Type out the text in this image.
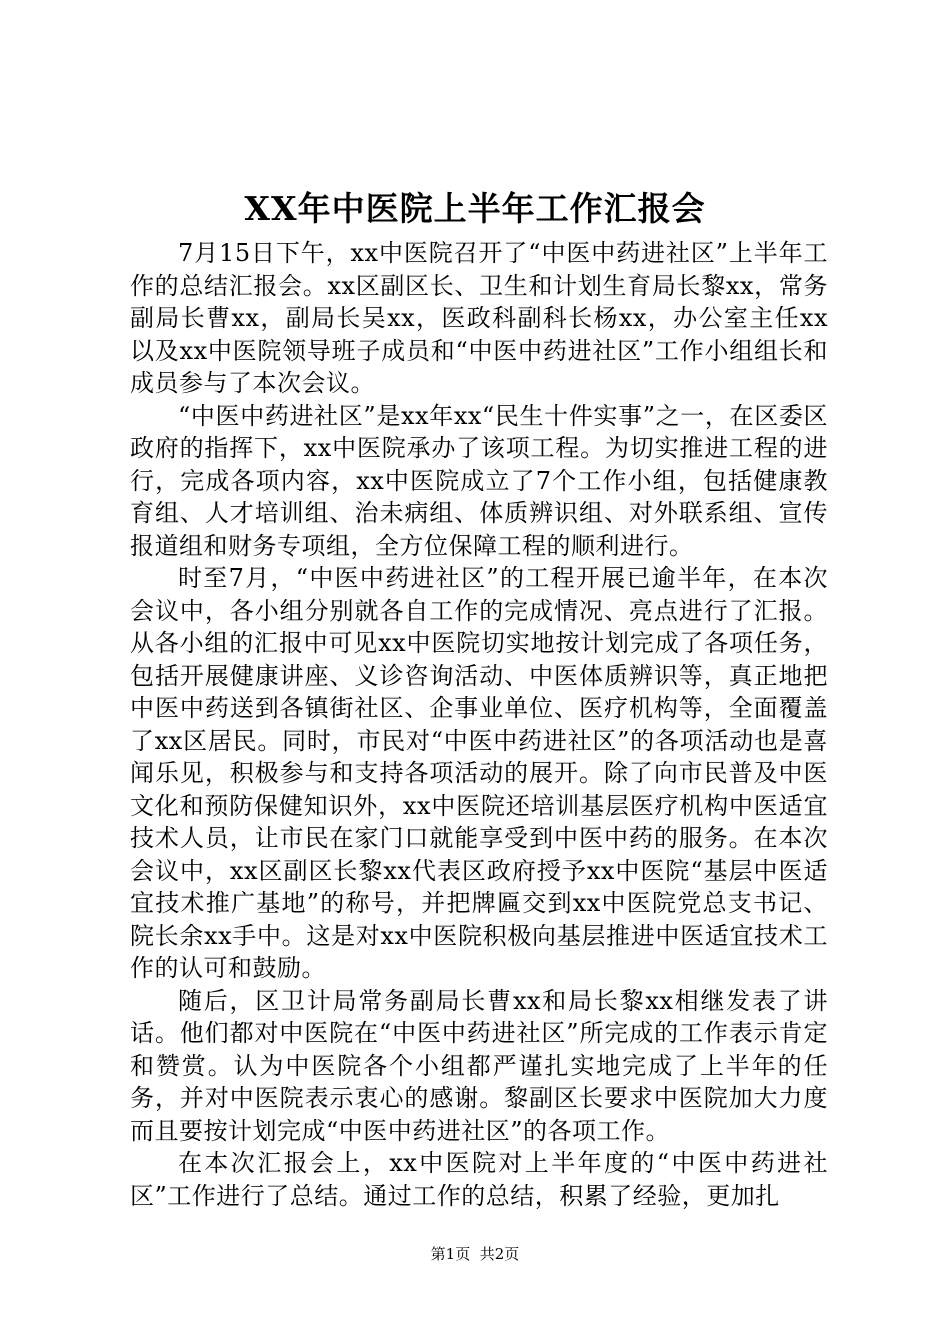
XX年中医院上半年工作汇报会

7月15日下午，xx中医院召开了“中医中药进社区”上半年工作的总结汇报会。xx区副区长、卫生和计划生育局长黎xx，常务副局长曹xx，副局长吴xx，医政科副科长杨xx，办公室主任xx以及xx中医院领导班子成员和“中医中药进社区”工作小组组长和成员参与了本次会议。

“中医中药进社区”是xx年xx“民生十件实事”之一，在区委区政府的指挥下，xx中医院承办了该项工程。为切实推进工程的进行，完成各项内容，xx中医院成立了7个工作小组，包括健康教育组、人才培训组、治未病组、体质辨识组、对外联系组、宣传报道组和财务专项组，全方位保障工程的顺利进行。

时至7月，“中医中药进社区”的工程开展已逾半年，在本次会议中，各小组分别就各自工作的完成情况、亮点进行了汇报。从各小组的汇报中可见xx中医院切实地按计划完成了各项任务，包括开展健康讲座、义诊咨询活动、中医体质辨识等，真正地把中医中药送到各镇街社区、企事业单位、医疗机构等，全面覆盖了xx区居民。同时，市民对“中医中药进社区”的各项活动也是喜闻乐见，积极参与和支持各项活动的展开。除了向市民普及中医文化和预防保健知识外，xx中医院还培训基层医疗机构中医适宜技术人员，让市民在家门口就能享受到中医中药的服务。在本次会议中，xx区副区长黎xx代表区政府授予xx中医院“基层中医适宜技术推广基地”的称号，并把牌匾交到xx中医院党总支书记、院长余xx手中。这是对xx中医院积极向基层推进中医适宜技术工作的认可和鼓励。

随后，区卫计局常务副局长曹xx和局长黎xx相继发表了讲话。他们都对中医院在“中医中药进社区”所完成的工作表示肯定和赞赏。认为中医院各个小组都严谨扎实地完成了上半年的任务，并对中医院表示衷心的感谢。黎副区长要求中医院加大力度而且要按计划完成“中医中药进社区”的各项工作。

在本次汇报会上，xx中医院对上半年度的“中医中药进社区”工作进行了总结。通过工作的总结，积累了经验，更加扎

第1页 共2页
